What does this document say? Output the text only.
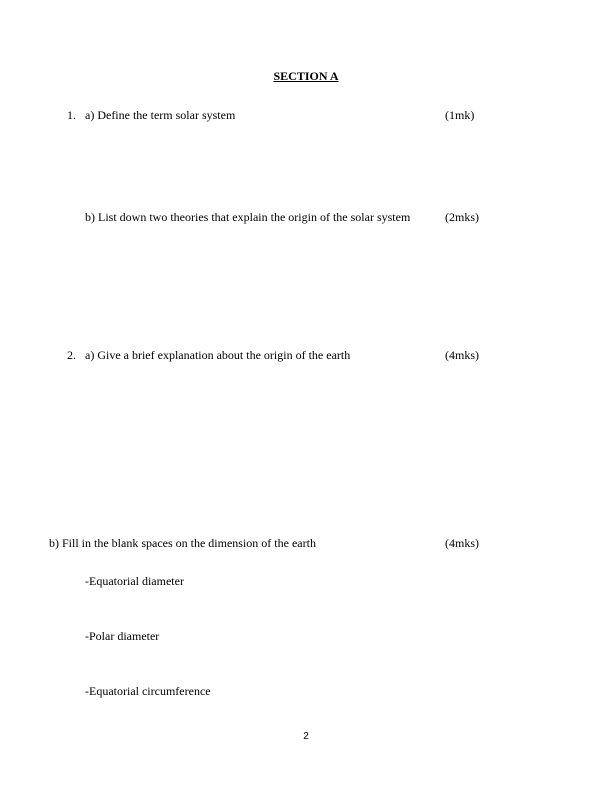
SECTION A
1. a) Define the term solar system	(1mk)
b) List down two theories that explain the origin of the solar system	(2mks)
2. a) Give a brief explanation about the origin of the earth	(4mks)
b) Fill in the blank spaces on the dimension of the earth	(4mks)
-Equatorial diameter
-Polar diameter
-Equatorial circumference
2
